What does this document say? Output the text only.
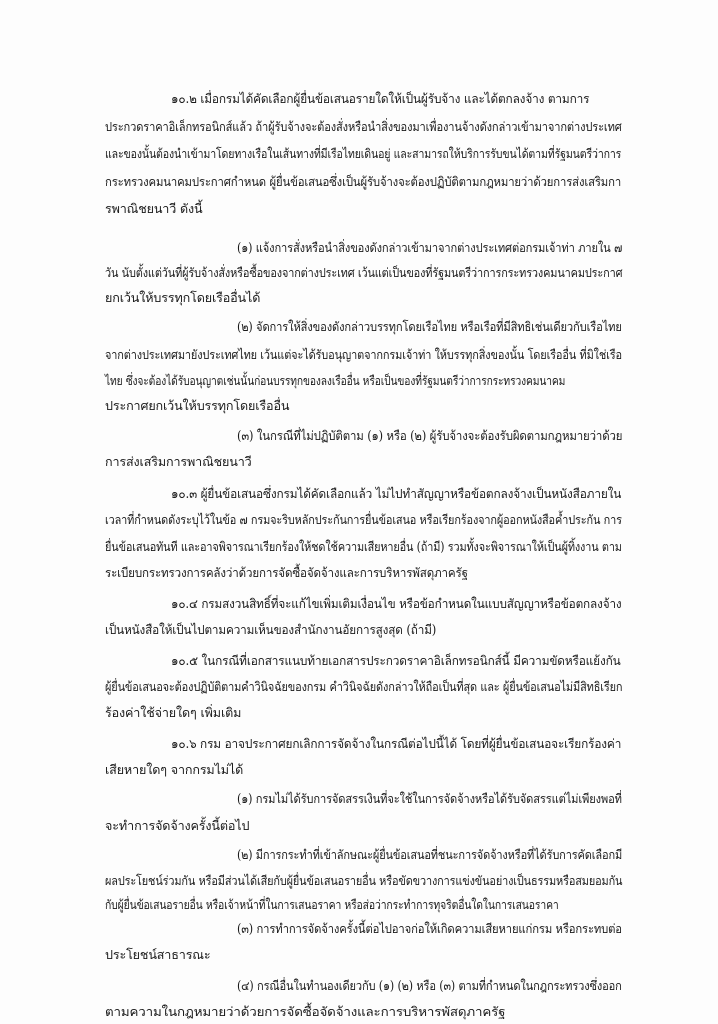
๑๐.๒ เมื่อกรมได้คัดเลือกผู้ยื่นข้อเสนอรายใดให้เป็นผู้รับจ้าง และได้ตกลงจ้าง ตามการ
ประกวดราคาอิเล็กทรอนิกส์แล้ว ถ้าผู้รับจ้างจะต้องสั่งหรือนำสิ่งของมาเพื่องานจ้างดังกล่าวเข้ามาจากต่างประเทศ
และของนั้นต้องนำเข้ามาโดยทางเรือในเส้นทางที่มีเรือไทยเดินอยู่ และสามารถให้บริการรับขนได้ตามที่รัฐมนตรีว่าการ
กระทรวงคมนาคมประกาศกำหนด ผู้ยื่นข้อเสนอซึ่งเป็นผู้รับจ้างจะต้องปฏิบัติตามกฎหมายว่าด้วยการส่งเสริมกา
รพาณิชยนาวี ดังนี้
(๑) แจ้งการสั่งหรือนำสิ่งของดังกล่าวเข้ามาจากต่างประเทศต่อกรมเจ้าท่า ภายใน ๗
วัน นับตั้งแต่วันที่ผู้รับจ้างสั่งหรือซื้อของจากต่างประเทศ เว้นแต่เป็นของที่รัฐมนตรีว่าการกระทรวงคมนาคมประกาศ
ยกเว้นให้บรรทุกโดยเรืออื่นได้
(๒) จัดการให้สิ่งของดังกล่าวบรรทุกโดยเรือไทย หรือเรือที่มีสิทธิเช่นเดียวกับเรือไทย
จากต่างประเทศมายังประเทศไทย เว้นแต่จะได้รับอนุญาตจากกรมเจ้าท่า ให้บรรทุกสิ่งของนั้น โดยเรืออื่น ที่มิใช่เรือ
ไทย ซึ่งจะต้องได้รับอนุญาตเช่นนั้นก่อนบรรทุกของลงเรืออื่น หรือเป็นของที่รัฐมนตรีว่าการกระทรวงคมนาคม
ประกาศยกเว้นให้บรรทุกโดยเรืออื่น
(๓) ในกรณีที่ไม่ปฏิบัติตาม (๑) หรือ (๒) ผู้รับจ้างจะต้องรับผิดตามกฎหมายว่าด้วย
การส่งเสริมการพาณิชยนาวี
๑๐.๓ ผู้ยื่นข้อเสนอซึ่งกรมได้คัดเลือกแล้ว ไม่ไปทำสัญญาหรือข้อตกลงจ้างเป็นหนังสือภายใน
เวลาที่กำหนดดังระบุไว้ในข้อ ๗ กรมจะริบหลักประกันการยื่นข้อเสนอ หรือเรียกร้องจากผู้ออกหนังสือค้ำประกัน การ
ยื่นข้อเสนอทันที และอาจพิจารณาเรียกร้องให้ชดใช้ความเสียหายอื่น (ถ้ามี) รวมทั้งจะพิจารณาให้เป็นผู้ทิ้งงาน ตาม
ระเบียบกระทรวงการคลังว่าด้วยการจัดซื้อจัดจ้างและการบริหารพัสดุภาครัฐ
๑๐.๔ กรมสงวนสิทธิ์ที่จะแก้ไขเพิ่มเติมเงื่อนไข หรือข้อกำหนดในแบบสัญญาหรือข้อตกลงจ้าง
เป็นหนังสือให้เป็นไปตามความเห็นของสำนักงานอัยการสูงสุด (ถ้ามี)
๑๐.๕ ในกรณีที่เอกสารแนบท้ายเอกสารประกวดราคาอิเล็กทรอนิกส์นี้ มีความขัดหรือแย้งกัน
ผู้ยื่นข้อเสนอจะต้องปฏิบัติตามคำวินิจฉัยของกรม คำวินิจฉัยดังกล่าวให้ถือเป็นที่สุด และ ผู้ยื่นข้อเสนอไม่มีสิทธิเรียก
ร้องค่าใช้จ่ายใดๆ เพิ่มเติม
๑๐.๖ กรม อาจประกาศยกเลิกการจัดจ้างในกรณีต่อไปนี้ได้ โดยที่ผู้ยื่นข้อเสนอจะเรียกร้องค่า
เสียหายใดๆ จากกรมไม่ได้
(๑) กรมไม่ได้รับการจัดสรรเงินที่จะใช้ในการจัดจ้างหรือได้รับจัดสรรแต่ไม่เพียงพอที่
จะทำการจัดจ้างครั้งนี้ต่อไป
(๒) มีการกระทำที่เข้าลักษณะผู้ยื่นข้อเสนอที่ชนะการจัดจ้างหรือที่ได้รับการคัดเลือกมี
ผลประโยชน์ร่วมกัน หรือมีส่วนได้เสียกับผู้ยื่นข้อเสนอรายอื่น หรือขัดขวางการแข่งขันอย่างเป็นธรรมหรือสมยอมกัน
กับผู้ยื่นข้อเสนอรายอื่น หรือเจ้าหน้าที่ในการเสนอราคา หรือส่อว่ากระทำการทุจริตอื่นใดในการเสนอราคา
(๓) การทำการจัดจ้างครั้งนี้ต่อไปอาจก่อให้เกิดความเสียหายแก่กรม หรือกระทบต่อ
ประโยชน์สาธารณะ
(๔) กรณีอื่นในทำนองเดียวกับ (๑) (๒) หรือ (๓) ตามที่กำหนดในกฎกระทรวงซึ่งออก
ตามความในกฎหมายว่าด้วยการจัดซื้อจัดจ้างและการบริหารพัสดุภาครัฐ
